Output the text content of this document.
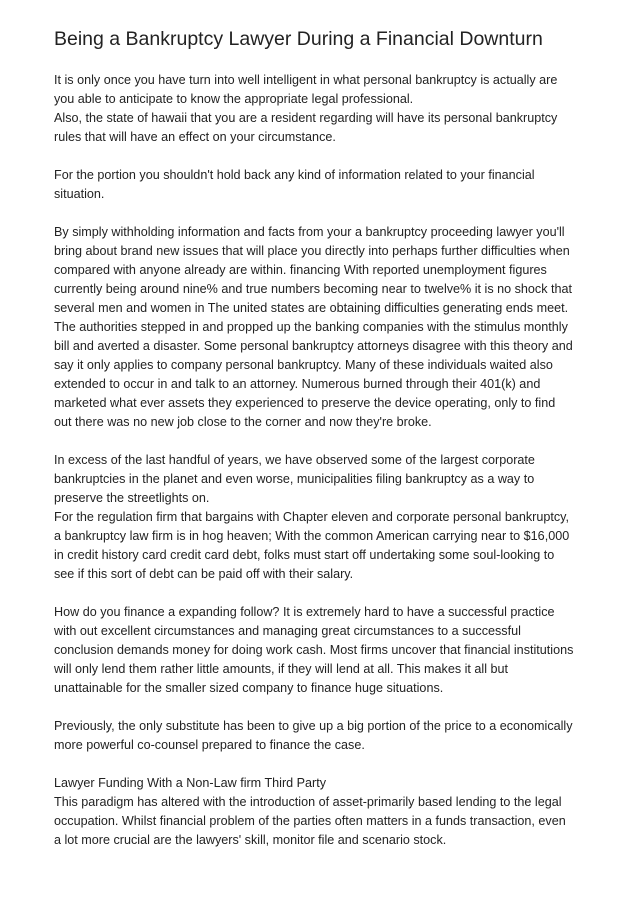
Being a Bankruptcy Lawyer During a Financial Downturn
It is only once you have turn into well intelligent in what personal bankruptcy is actually are
you able to anticipate to know the appropriate legal professional.
Also, the state of hawaii that you are a resident regarding will have its personal bankruptcy
rules that will have an effect on your circumstance.
For the portion you shouldn't hold back any kind of information related to your financial
situation.
By simply withholding information and facts from your a bankruptcy proceeding lawyer you'll
bring about brand new issues that will place you directly into perhaps further difficulties when
compared with anyone already are within. financing With reported unemployment figures
currently being around nine% and true numbers becoming near to twelve% it is no shock that
several men and women in The united states are obtaining difficulties generating ends meet.
The authorities stepped in and propped up the banking companies with the stimulus monthly
bill and averted a disaster. Some personal bankruptcy attorneys disagree with this theory and
say it only applies to company personal bankruptcy. Many of these individuals waited also
extended to occur in and talk to an attorney. Numerous burned through their 401(k) and
marketed what ever assets they experienced to preserve the device operating, only to find
out there was no new job close to the corner and now they're broke.
In excess of the last handful of years, we have observed some of the largest corporate
bankruptcies in the planet and even worse, municipalities filing bankruptcy as a way to
preserve the streetlights on.
For the regulation firm that bargains with Chapter eleven and corporate personal bankruptcy,
a bankruptcy law firm is in hog heaven; With the common American carrying near to $16,000
in credit history card credit card debt, folks must start off undertaking some soul-looking to
see if this sort of debt can be paid off with their salary.
How do you finance a expanding follow? It is extremely hard to have a successful practice
with out excellent circumstances and managing great circumstances to a successful
conclusion demands money for doing work cash. Most firms uncover that financial institutions
will only lend them rather little amounts, if they will lend at all. This makes it all but
unattainable for the smaller sized company to finance huge situations.
Previously, the only substitute has been to give up a big portion of the price to a economically
more powerful co-counsel prepared to finance the case.
Lawyer Funding With a Non-Law firm Third Party
This paradigm has altered with the introduction of asset-primarily based lending to the legal
occupation. Whilst financial problem of the parties often matters in a funds transaction, even
a lot more crucial are the lawyers' skill, monitor file and scenario stock.
